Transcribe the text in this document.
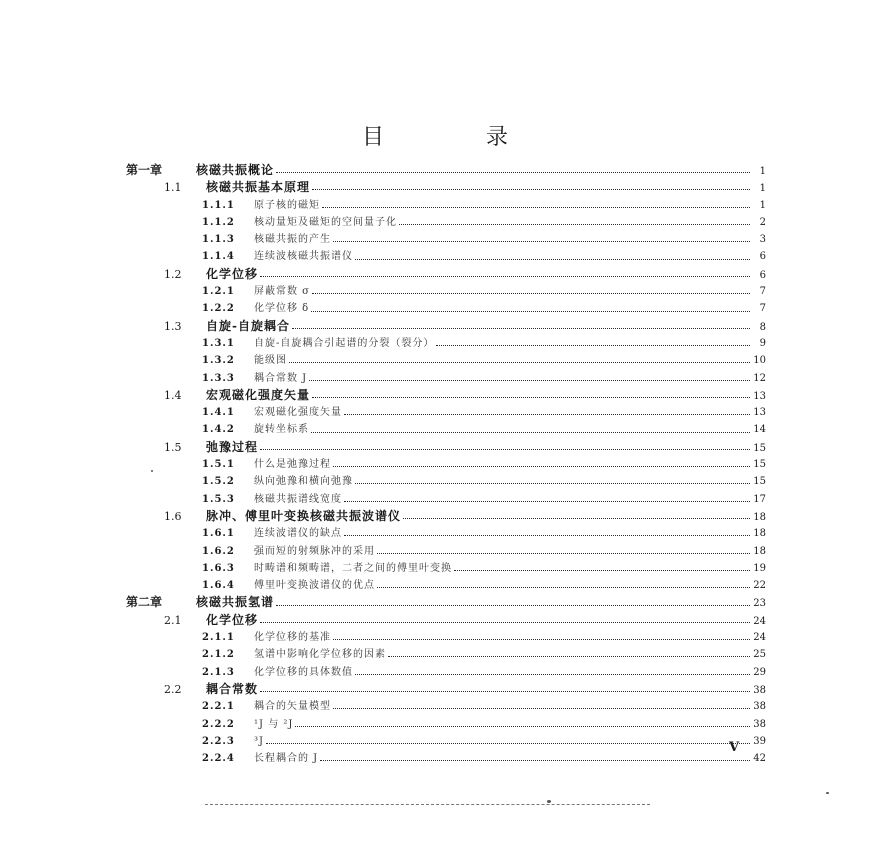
目　录
第一章	核磁共振概论	1
1.1	核磁共振基本原理	1
1.1.1	原子核的磁矩	1
1.1.2	核动量矩及磁矩的空间量子化	2
1.1.3	核磁共振的产生	3
1.1.4	连续波核磁共振谱仪	6
1.2	化学位移	6
1.2.1	屏蔽常数 σ	7
1.2.2	化学位移 δ	7
1.3	自旋-自旋耦合	8
1.3.1	自旋-自旋耦合引起谱的分裂（裂分）	9
1.3.2	能级图	10
1.3.3	耦合常数 J	12
1.4	宏观磁化强度矢量	13
1.4.1	宏观磁化强度矢量	13
1.4.2	旋转坐标系	14
1.5	弛豫过程	15
1.5.1	什么是弛豫过程	15
1.5.2	纵向弛豫和横向弛豫	15
1.5.3	核磁共振谱线宽度	17
1.6	脉冲、傅里叶变换核磁共振波谱仪	18
1.6.1	连续波谱仪的缺点	18
1.6.2	强而短的射频脉冲的采用	18
1.6.3	时畴谱和频畴谱，二者之间的傅里叶变换	19
1.6.4	傅里叶变换波谱仪的优点	22
第二章	核磁共振氢谱	23
2.1	化学位移	24
2.1.1	化学位移的基准	24
2.1.2	氢谱中影响化学位移的因素	25
2.1.3	化学位移的具体数值	29
2.2	耦合常数	38
2.2.1	耦合的矢量模型	38
2.2.2	¹J 与 ²J	38
2.2.3	³J	39
2.2.4	长程耦合的 J	42
V
